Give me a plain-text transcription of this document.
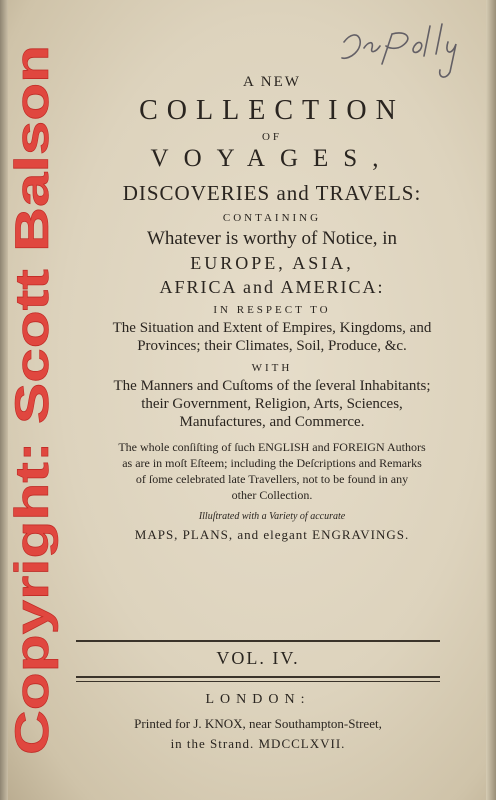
A NEW
COLLECTION
OF
VOYAGES,
DISCOVERIES and TRAVELS:
CONTAINING
Whatever is worthy of Notice, in
EUROPE, ASIA,
AFRICA and AMERICA:
IN RESPECT TO
The Situation and Extent of Empires, Kingdoms, and
Provinces; their Climates, Soil, Produce, &c.
WITH
The Manners and Cuſtoms of the ſeveral Inhabitants;
their Government, Religion, Arts, Sciences,
Manufactures, and Commerce.
The whole conſiſting of ſuch ENGLISH and FOREIGN Authors
as are in moſt Eſteem; including the Deſcriptions and Remarks
of ſome celebrated late Travellers, not to be found in any
other Collection.
Illuſtrated with a Variety of accurate
MAPS, PLANS, and elegant ENGRAVINGS.
VOL. IV.
LONDON:
Printed for J. KNOX, near Southampton-Street,
in the Strand. MDCCLXVII.
Copyright: Scott Balson
